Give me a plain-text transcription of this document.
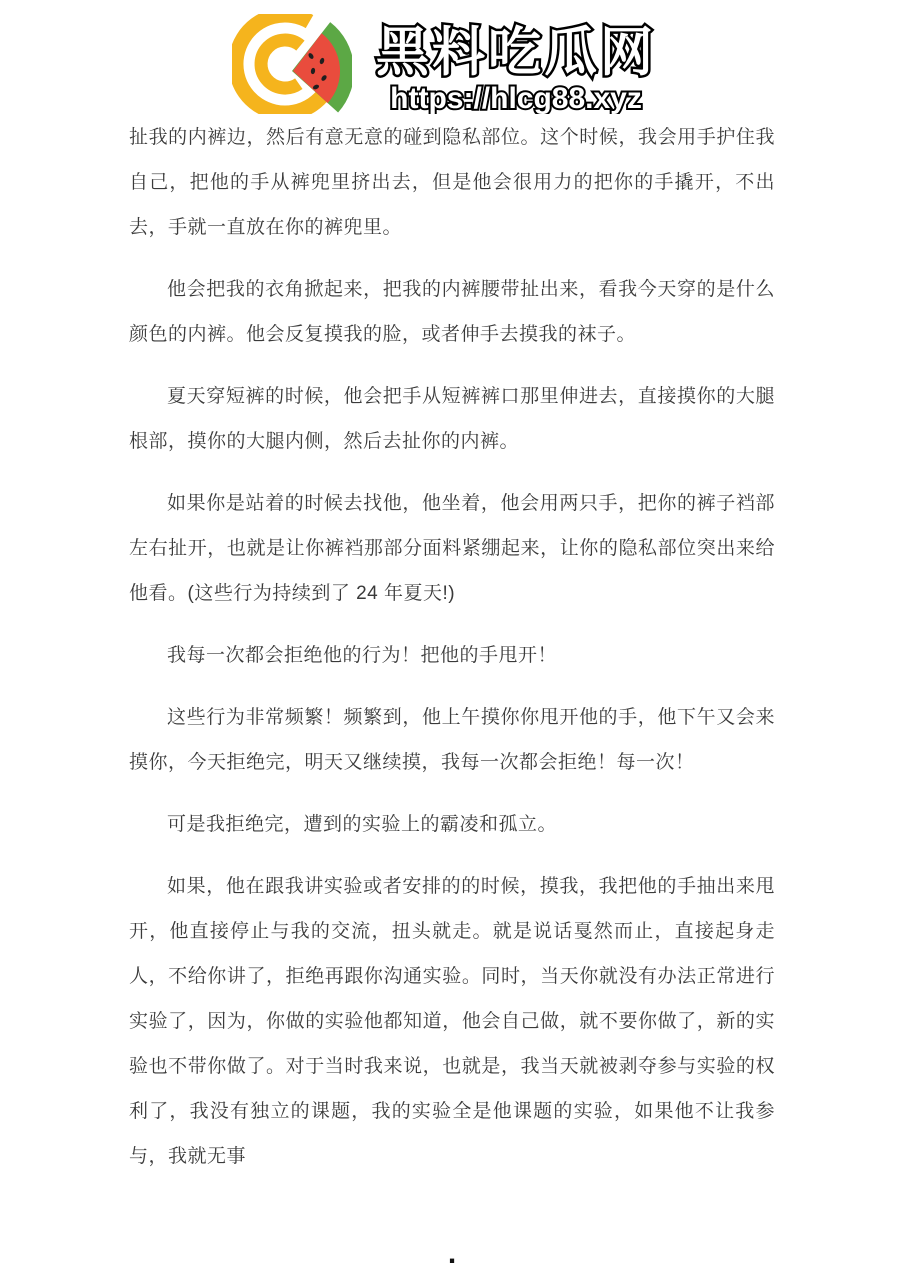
黑料吃瓜网
https://hlcg88.xyz

扯我的内裤边，然后有意无意的碰到隐私部位。这个时候，我会用手护住我自己，把他的手从裤兜里挤出去，但是他会很用力的把你的手撬开，不出去，手就一直放在你的裤兜里。

他会把我的衣角掀起来，把我的内裤腰带扯出来，看我今天穿的是什么颜色的内裤。他会反复摸我的脸，或者伸手去摸我的袜子。

夏天穿短裤的时候，他会把手从短裤裤口那里伸进去，直接摸你的大腿根部，摸你的大腿内侧，然后去扯你的内裤。

如果你是站着的时候去找他，他坐着，他会用两只手，把你的裤子裆部左右扯开，也就是让你裤裆那部分面料紧绷起来，让你的隐私部位突出来给他看。(这些行为持续到了 24 年夏天!)

我每一次都会拒绝他的行为！把他的手甩开！

这些行为非常频繁！频繁到，他上午摸你你甩开他的手，他下午又会来摸你，今天拒绝完，明天又继续摸，我每一次都会拒绝！每一次！

可是我拒绝完，遭到的实验上的霸凌和孤立。

如果，他在跟我讲实验或者安排的的时候，摸我，我把他的手抽出来甩开，他直接停止与我的交流，扭头就走。就是说话戛然而止，直接起身走人，不给你讲了，拒绝再跟你沟通实验。同时，当天你就没有办法正常进行实验了，因为，你做的实验他都知道，他会自己做，就不要你做了，新的实验也不带你做了。对于当时我来说，也就是，我当天就被剥夺参与实验的权利了，我没有独立的课题，我的实验全是他课题的实验，如果他不让我参与，我就无事

.
